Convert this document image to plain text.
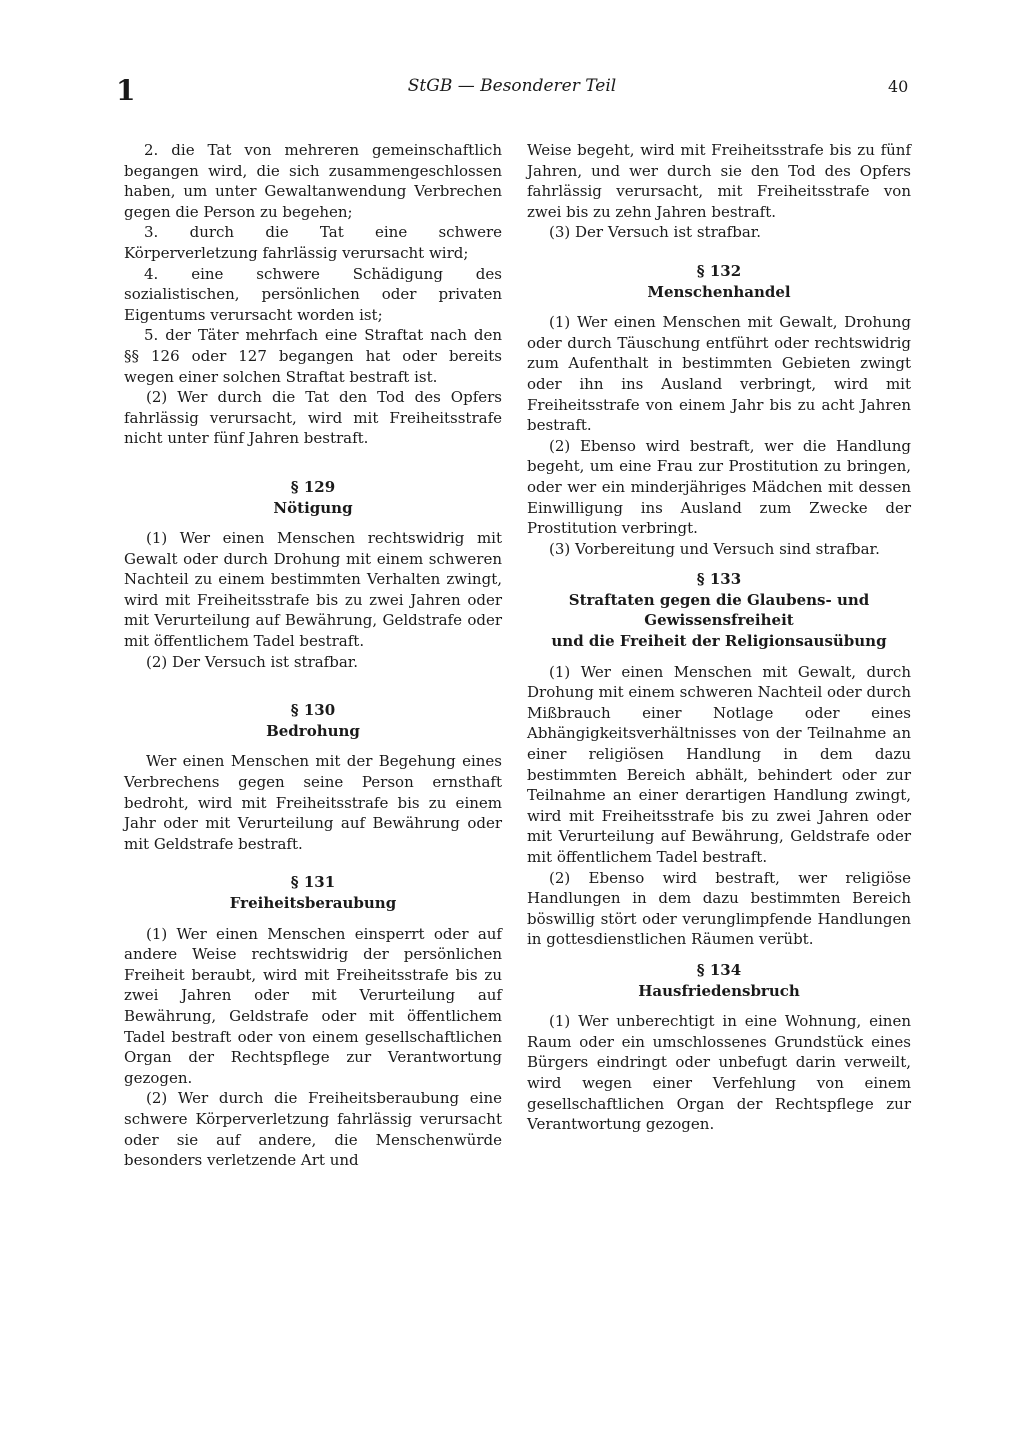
1	StGB — Besonderer Teil	40

2. die Tat von mehreren gemeinschaftlich begangen wird, die sich zusammengeschlossen haben, um unter Gewaltanwendung Verbrechen gegen die Person zu begehen;

3. durch die Tat eine schwere Körperverletzung fahrlässig verursacht wird;

4. eine schwere Schädigung des sozialistischen, persönlichen oder privaten Eigentums verursacht worden ist;

5. der Täter mehrfach eine Straftat nach den §§ 126 oder 127 begangen hat oder bereits wegen einer solchen Straftat bestraft ist.

(2) Wer durch die Tat den Tod des Opfers fahrlässig verursacht, wird mit Freiheitsstrafe nicht unter fünf Jahren bestraft.

§ 129

Nötigung

(1) Wer einen Menschen rechtswidrig mit Gewalt oder durch Drohung mit einem schweren Nachteil zu einem bestimmten Verhalten zwingt, wird mit Freiheitsstrafe bis zu zwei Jahren oder mit Verurteilung auf Bewährung, Geldstrafe oder mit öffentlichem Tadel bestraft.

(2) Der Versuch ist strafbar.

§ 130

Bedrohung

Wer einen Menschen mit der Begehung eines Verbrechens gegen seine Person ernsthaft bedroht, wird mit Freiheitsstrafe bis zu einem Jahr oder mit Verurteilung auf Bewährung oder mit Geldstrafe bestraft.

§ 131

Freiheitsberaubung

(1) Wer einen Menschen einsperrt oder auf andere Weise rechtswidrig der persönlichen Freiheit beraubt, wird mit Freiheitsstrafe bis zu zwei Jahren oder mit Verurteilung auf Bewährung, Geldstrafe oder mit öffentlichem Tadel bestraft oder von einem gesellschaftlichen Organ der Rechtspflege zur Verantwortung gezogen.

(2) Wer durch die Freiheitsberaubung eine schwere Körperverletzung fahrlässig verursacht oder sie auf andere, die Menschenwürde besonders verletzende Art und

Weise begeht, wird mit Freiheitsstrafe bis zu fünf Jahren, und wer durch sie den Tod des Opfers fahrlässig verursacht, mit Freiheitsstrafe von zwei bis zu zehn Jahren bestraft.

(3) Der Versuch ist strafbar.

§ 132

Menschenhandel

(1) Wer einen Menschen mit Gewalt, Drohung oder durch Täuschung entführt oder rechtswidrig zum Aufenthalt in bestimmten Gebieten zwingt oder ihn ins Ausland verbringt, wird mit Freiheitsstrafe von einem Jahr bis zu acht Jahren bestraft.

(2) Ebenso wird bestraft, wer die Handlung begeht, um eine Frau zur Prostitution zu bringen, oder wer ein minderjähriges Mädchen mit dessen Einwilligung ins Ausland zum Zwecke der Prostitution verbringt.

(3) Vorbereitung und Versuch sind strafbar.

§ 133

Straftaten gegen die Glaubens- und

Gewissensfreiheit

und die Freiheit der Religionsausübung

(1) Wer einen Menschen mit Gewalt, durch Drohung mit einem schweren Nachteil oder durch Mißbrauch einer Notlage oder eines Abhängigkeitsverhältnisses von der Teilnahme an einer religiösen Handlung in dem dazu bestimmten Bereich abhält, behindert oder zur Teilnahme an einer derartigen Handlung zwingt, wird mit Freiheitsstrafe bis zu zwei Jahren oder mit Verurteilung auf Bewährung, Geldstrafe oder mit öffentlichem Tadel bestraft.

(2) Ebenso wird bestraft, wer religiöse Handlungen in dem dazu bestimmten Bereich böswillig stört oder verunglimpfende Handlungen in gottesdienstlichen Räumen verübt.

§ 134

Hausfriedensbruch

(1) Wer unberechtigt in eine Wohnung, einen Raum oder ein umschlossenes Grundstück eines Bürgers eindringt oder unbefugt darin verweilt, wird wegen einer Verfehlung von einem gesellschaftlichen Organ der Rechtspflege zur Verantwortung gezogen.
